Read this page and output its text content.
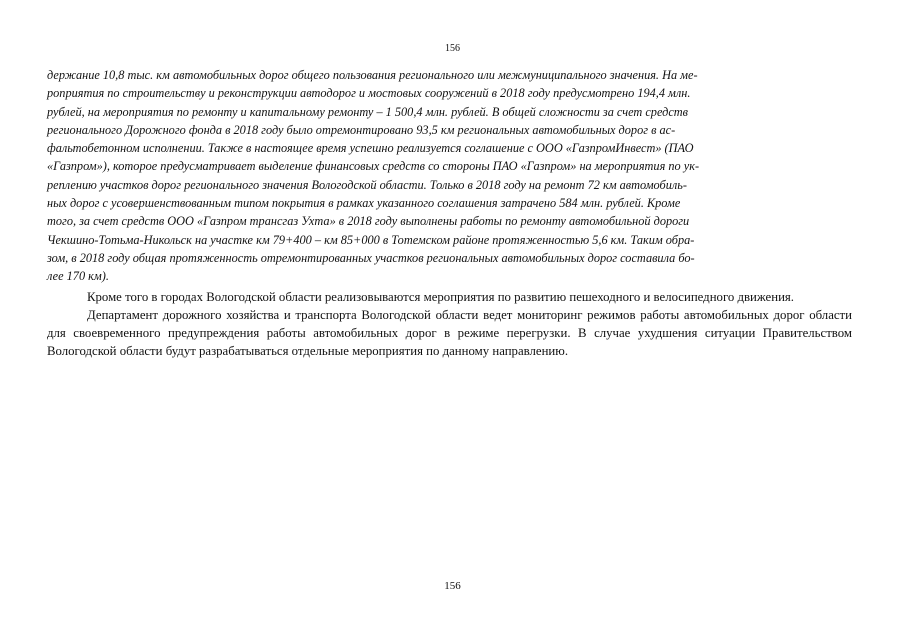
156
держание 10,8 тыс. км автомобильных дорог общего пользования регионального или межмуниципального значения. На ме-
роприятия по строительству и реконструкции автодорог и мостовых сооружений в 2018 году предусмотрено 194,4 млн.
рублей, на мероприятия по ремонту и капитальному ремонту – 1 500,4 млн. рублей. В общей сложности за счет средств
регионального Дорожного фонда в 2018 году было отремонтировано 93,5 км региональных автомобильных дорог в ас-
фальтобетонном исполнении. Также в настоящее время успешно реализуется соглашение с ООО «ГазпромИнвест» (ПАО
«Газпром»), которое предусматривает выделение финансовых средств со стороны ПАО «Газпром» на мероприятия по ук-
реплению участков дорог регионального значения Вологодской области. Только в 2018 году на ремонт 72 км автомобиль-
ных дорог с усовершенствованным типом покрытия в рамках указанного соглашения затрачено 584 млн. рублей. Кроме
того, за счет средств ООО «Газпром трансгаз Ухта» в 2018 году выполнены работы по ремонту автомобильной дороги
Чекшино-Тотьма-Никольск на участке км 79+400 – км 85+000 в Тотемском районе протяженностью 5,6 км. Таким обра-
зом, в 2018 году общая протяженность отремонтированных участков региональных автомобильных дорог составила бо-
лее 170 км).

Кроме того в городах Вологодской области реализовываются мероприятия по развитию пешеходного и велосипедного движения.

Департамент дорожного хозяйства и транспорта Вологодской области ведет мониторинг режимов работы автомобильных дорог области для своевременного предупреждения работы автомобильных дорог в режиме перегрузки. В случае ухудшения ситуации Правительством Вологодской области будут разрабатываться отдельные мероприятия по данному направлению.

156
